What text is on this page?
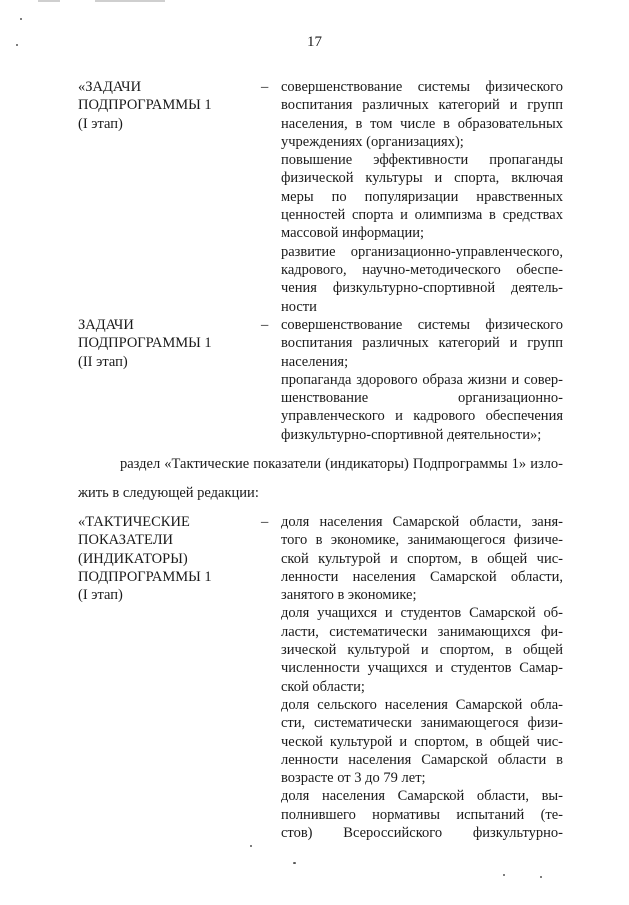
17
«ЗАДАЧИ
ПОДПРОГРАММЫ 1
(I этап)
– совершенствование системы физического
воспитания различных категорий и групп
населения, в том числе в образовательных
учреждениях (организациях);
повышение эффективности пропаганды
физической культуры и спорта, включая
меры по популяризации нравственных
ценностей спорта и олимпизма в средствах
массовой информации;
развитие организационно-управленческого,
кадрового, научно-методического обеспе-
чения физкультурно-спортивной деятель-
ности
ЗАДАЧИ
ПОДПРОГРАММЫ 1
(II этап)
– совершенствование системы физического
воспитания различных категорий и групп
населения;
пропаганда здорового образа жизни и совер-
шенствование организационно-
управленческого и кадрового обеспечения
физкультурно-спортивной деятельности»;
раздел «Тактические показатели (индикаторы) Подпрограммы 1» изло-
жить в следующей редакции:
«ТАКТИЧЕСКИЕ
ПОКАЗАТЕЛИ
(ИНДИКАТОРЫ)
ПОДПРОГРАММЫ 1
(I этап)
– доля населения Самарской области, заня-
того в экономике, занимающегося физиче-
ской культурой и спортом, в общей чис-
ленности населения Самарской области,
занятого в экономике;
доля учащихся и студентов Самарской об-
ласти, систематически занимающихся фи-
зической культурой и спортом, в общей
численности учащихся и студентов Самар-
ской области;
доля сельского населения Самарской обла-
сти, систематически занимающегося физи-
ческой культурой и спортом, в общей чис-
ленности населения Самарской области в
возрасте от 3 до 79 лет;
доля населения Самарской области, вы-
полнившего нормативы испытаний (те-
стов) Всероссийского физкультурно-
